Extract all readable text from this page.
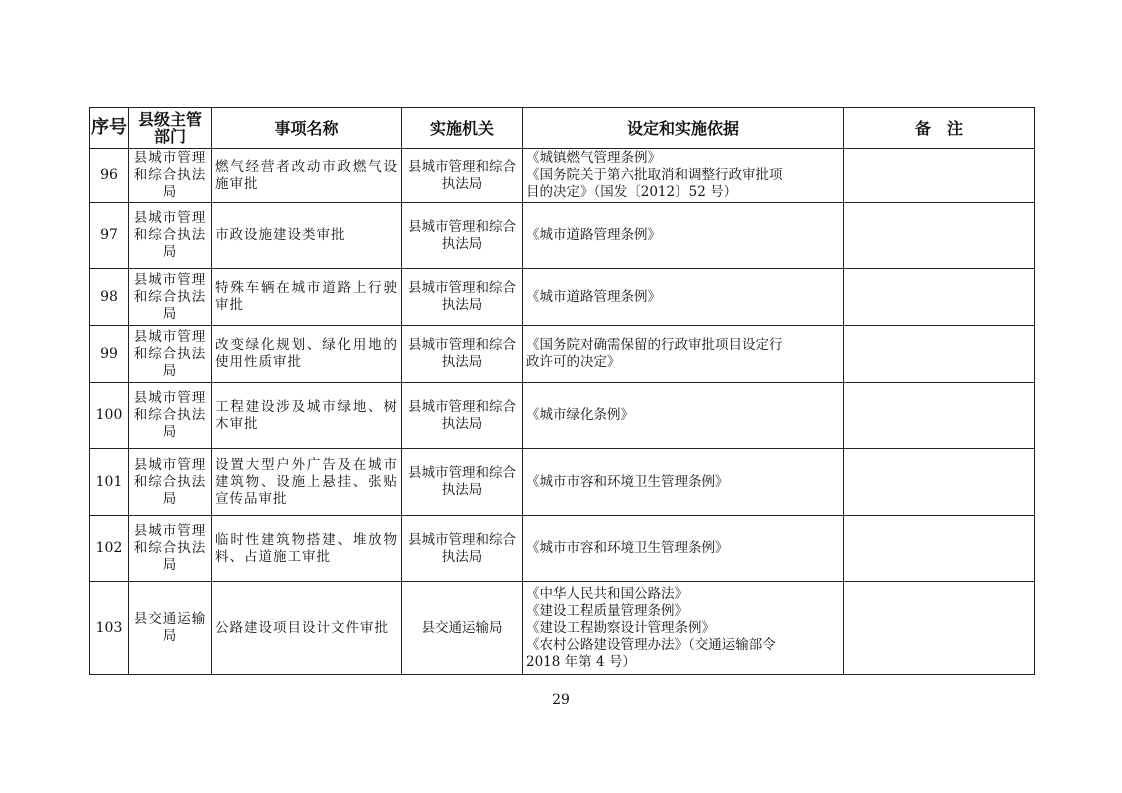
序号	县级主管部门	事项名称	实施机关	设定和实施依据	备　注
96	县城市管理和综合执法局	燃气经营者改动市政燃气设施审批	县城市管理和综合执法局	《城镇燃气管理条例》
《国务院关于第六批取消和调整行政审批项
目的决定》（国发〔2012〕52 号）	

97	县城市管理和综合执法局	市政设施建设类审批	县城市管理和综合执法局	《城市道路管理条例》	

98	县城市管理和综合执法局	特殊车辆在城市道路上行驶审批	县城市管理和综合执法局	《城市道路管理条例》	

99	县城市管理和综合执法局	改变绿化规划、绿化用地的使用性质审批	县城市管理和综合执法局	《国务院对确需保留的行政审批项目设定行
政许可的决定》	

100	县城市管理和综合执法局	工程建设涉及城市绿地、树木审批	县城市管理和综合执法局	《城市绿化条例》	

101	县城市管理和综合执法局	设置大型户外广告及在城市建筑物、设施上悬挂、张贴宣传品审批	县城市管理和综合执法局	《城市市容和环境卫生管理条例》	

102	县城市管理和综合执法局	临时性建筑物搭建、堆放物料、占道施工审批	县城市管理和综合执法局	《城市市容和环境卫生管理条例》	

103	县交通运输局	公路建设项目设计文件审批	县交通运输局	《中华人民共和国公路法》
《建设工程质量管理条例》
《建设工程勘察设计管理条例》
《农村公路建设管理办法》（交通运输部令
2018 年第 4 号）	

29
